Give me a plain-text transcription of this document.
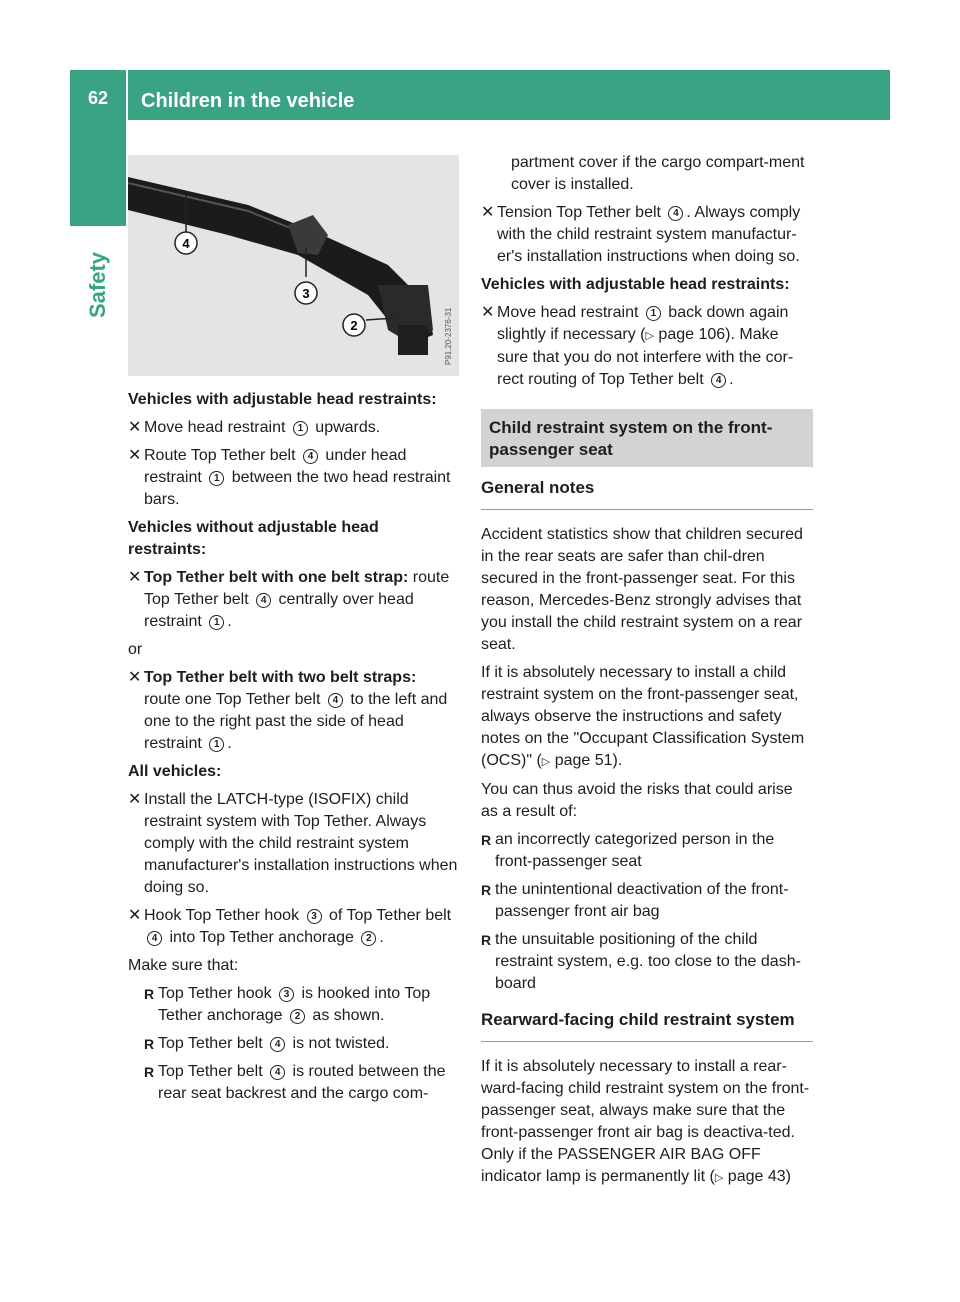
62	Children in the vehicle
Safety
4
3
2	P91.20-2376-31
Vehicles with adjustable head restraints:
✕ Move head restraint 1 upwards.
✕ Route Top Tether belt 4 under head restraint 1 between the two head restraint bars.
Vehicles without adjustable head restraints:
✕ Top Tether belt with one belt strap: route Top Tether belt 4 centrally over head restraint 1 .

or

✕ Top Tether belt with two belt straps:
route one Top Tether belt 4 to the left and one to the right past the side of head restraint 1 .
All vehicles:
✕ Install the LATCH-type (ISOFIX) child restraint system with Top Tether. Always comply with the child restraint system manufacturer's installation instructions when doing so.
✕ Hook Top Tether hook 3 of Top Tether belt 4 into Top Tether anchorage 2 .

Make sure that:

R Top Tether hook 3 is hooked into Top Tether anchorage 2 as shown.
R Top Tether belt 4 is not twisted.
R Top Tether belt 4 is routed between the rear seat backrest and the cargo com-

partment cover if the cargo compart-ment cover is installed.

✕ Tension Top Tether belt 4 . Always comply with the child restraint system manufactur-er's installation instructions when doing so.
Vehicles with adjustable head restraints:
✕ Move head restraint 1 back down again slightly if necessary (▷ page 106). Make sure that you do not interfere with the cor-rect routing of Top Tether belt 4 .
Child restraint system on the front-passenger seat
General notes

Accident statistics show that children secured in the rear seats are safer than chil-dren secured in the front-passenger seat. For this reason, Mercedes-Benz strongly advises that you install the child restraint system on a rear seat.

If it is absolutely necessary to install a child restraint system on the front-passenger seat, always observe the instructions and safety notes on the "Occupant Classification System (OCS)" (▷ page 51).

You can thus avoid the risks that could arise as a result of:

R an incorrectly categorized person in the front-passenger seat
R the unintentional deactivation of the front-passenger front air bag
R the unsuitable positioning of the child restraint system, e.g. too close to the dash-board
Rearward-facing child restraint system

If it is absolutely necessary to install a rear-ward-facing child restraint system on the front-passenger seat, always make sure that the front-passenger front air bag is deactiva-ted. Only if the PASSENGER AIR BAG OFF indicator lamp is permanently lit (▷ page 43)
